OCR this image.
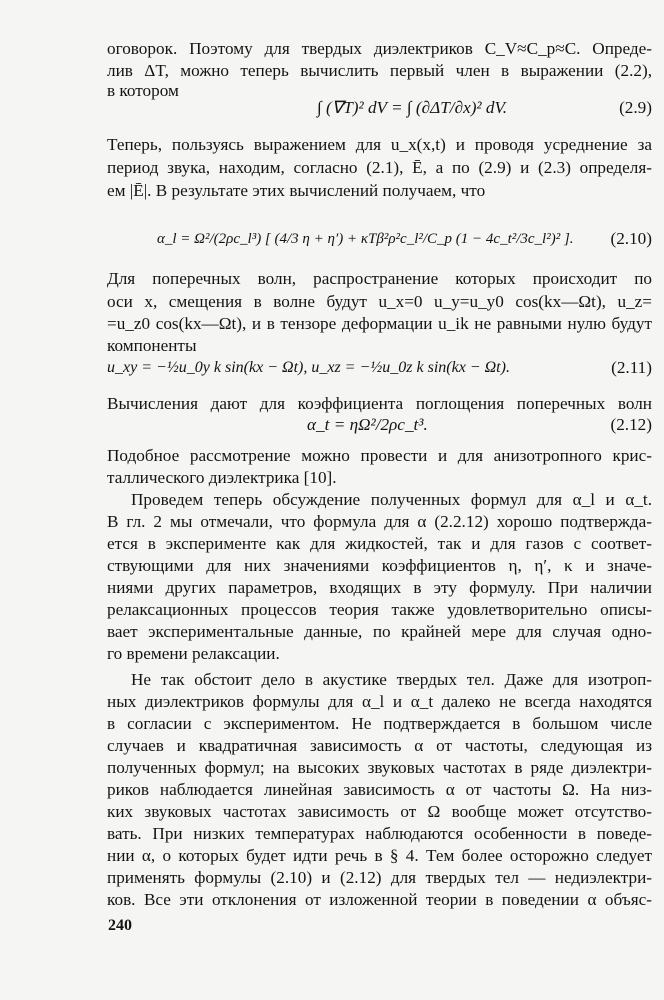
оговорок. Поэтому для твердых диэлектриков C_V≈C_p≈C. Опреде-
лив ΔT, можно теперь вычислить первый член в выражении (2.2),
в котором
∫ (∇T)² dV = ∫ (∂ΔT/∂x)² dV.	(2.9)
Теперь, пользуясь выражением для u_x(x,t) и проводя усреднение за
период звука, находим, согласно (2.1), Ē, а по (2.9) и (2.3) определя-
ем |Ē|. В результате этих вычислений получаем, что
α_l = Ω²/(2ρc_l³) [ (4/3 η + η′) + κTβ²ρ²c_l²/C_p (1 − 4c_t²/3c_l²)² ]. (2.10)
Для поперечных волн, распространение которых происходит по
оси x, смещения в волне будут u_x=0 u_y=u_y0 cos(kx—Ωt), u_z=
=u_z0 cos(kx—Ωt), и в тензоре деформации u_ik не равными нулю будут
компоненты
u_xy = −½u_0y k sin(kx − Ωt), u_xz = −½u_0z k sin(kx − Ωt).	(2.11)
Вычисления дают для коэффициента поглощения поперечных волн
α_t = ηΩ²/2ρc_t³.	(2.12)
Подобное рассмотрение можно провести и для анизотропного крис-
таллического диэлектрика [10].
Проведем теперь обсуждение полученных формул для α_l и α_t.
В гл. 2 мы отмечали, что формула для α (2.2.12) хорошо подтвержда-
ется в эксперименте как для жидкостей, так и для газов с соответ-
ствующими для них значениями коэффициентов η, η′, κ и значе-
ниями других параметров, входящих в эту формулу. При наличии
релаксационных процессов теория также удовлетворительно описы-
вает экспериментальные данные, по крайней мере для случая одно-
го времени релаксации.
Не так обстоит дело в акустике твердых тел. Даже для изотроп-
ных диэлектриков формулы для α_l и α_t далеко не всегда находятся
в согласии с экспериментом. Не подтверждается в большом числе
случаев и квадратичная зависимость α от частоты, следующая из
полученных формул; на высоких звуковых частотах в ряде диэлектри-
риков наблюдается линейная зависимость α от частоты Ω. На низ-
ких звуковых частотах зависимость от Ω вообще может отсутство-
вать. При низких температурах наблюдаются особенности в поведе-
нии α, о которых будет идти речь в § 4. Тем более осторожно следует
применять формулы (2.10) и (2.12) для твердых тел — недиэлектри-
ков. Все эти отклонения от изложенной теории в поведении α объяс-
240
